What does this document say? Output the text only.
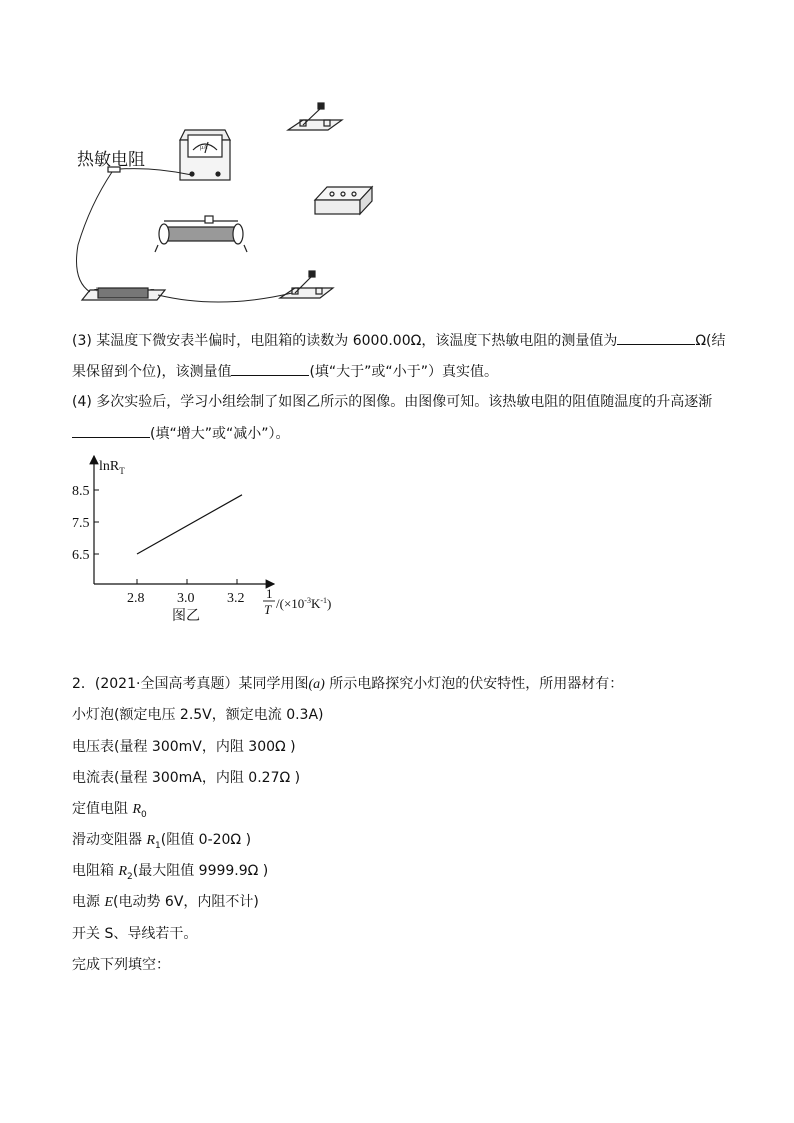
μA
+	−
热敏电阻
(3) 某温度下微安表半偏时，电阻箱的读数为 6000.00Ω，该温度下热敏电阻的测量值为	Ω(结
果保留到个位)，该测量值	(填“大于”或“小于”）真实值。
(4) 多次实验后，学习小组绘制了如图乙所示的图像。由图像可知。该热敏电阻的阻值随温度的升高逐渐
(填“增大”或“减小”）。
6.5
7.5
8.5
2.8 3.0 3.2
lnR$_T$
图乙
1
T $/(\times 10^{-3}K^{-1})$
2．(2021·全国高考真题）某同学用图(a) 所示电路探究小灯泡的伏安特性，所用器材有：
小灯泡(额定电压 2.5V，额定电流 0.3A)
电压表(量程 300mV，内阻 300Ω )
电流表(量程 300mA，内阻 0.27Ω )
定值电阻 $R_0$
滑动变阻器 $R_1$(阻值 0-20Ω )
电阻箱 $R_2$(最大阻值 9999.9Ω )
电源 E(电动势 6V，内阻不计)
开关 S、导线若干。
完成下列填空：
